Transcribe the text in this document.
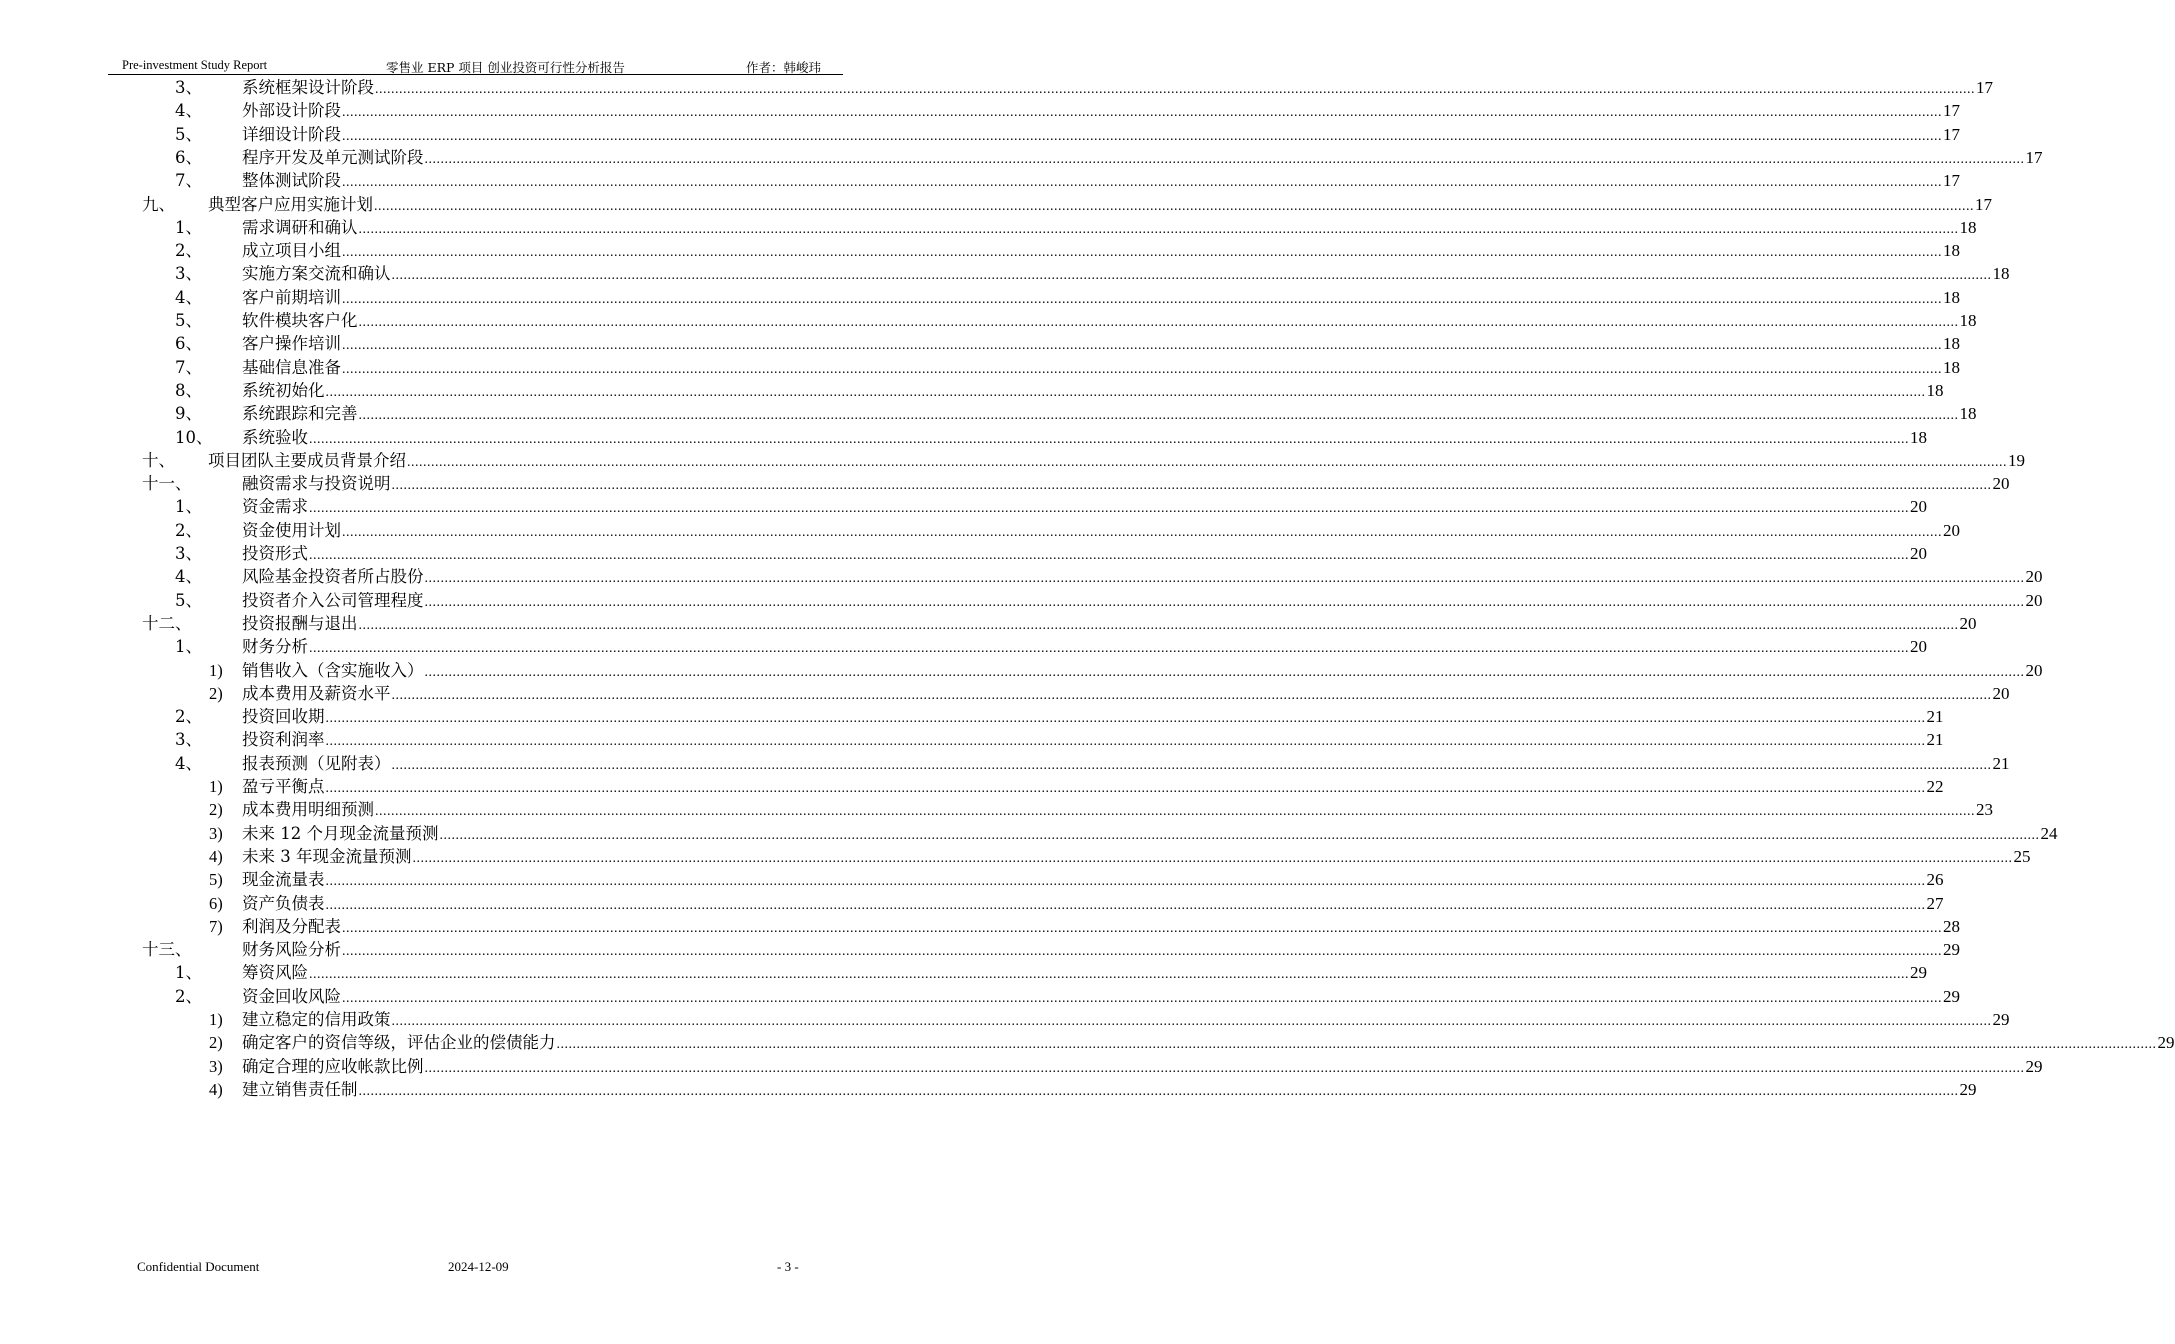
Pre-investment Study Report	零售业 ERP 项目 创业投资可行性分析报告	作者：韩峻玮
3、 系统框架设计阶段 ................................................................................................................................................................................................................................................................................................................................................................................................................ 17
4、 外部设计阶段 ................................................................................................................................................................................................................................................................................................................................................................................................................ 17
5、 详细设计阶段 ................................................................................................................................................................................................................................................................................................................................................................................................................ 17
6、 程序开发及单元测试阶段 ................................................................................................................................................................................................................................................................................................................................................................................................................ 17
7、 整体测试阶段 ................................................................................................................................................................................................................................................................................................................................................................................................................ 17
九、 典型客户应用实施计划 ................................................................................................................................................................................................................................................................................................................................................................................................................ 17
1、 需求调研和确认 ................................................................................................................................................................................................................................................................................................................................................................................................................ 18
2、 成立项目小组 ................................................................................................................................................................................................................................................................................................................................................................................................................ 18
3、 实施方案交流和确认 ................................................................................................................................................................................................................................................................................................................................................................................................................ 18
4、 客户前期培训 ................................................................................................................................................................................................................................................................................................................................................................................................................ 18
5、 软件模块客户化 ................................................................................................................................................................................................................................................................................................................................................................................................................ 18
6、 客户操作培训 ................................................................................................................................................................................................................................................................................................................................................................................................................ 18
7、 基础信息准备 ................................................................................................................................................................................................................................................................................................................................................................................................................ 18
8、 系统初始化 ................................................................................................................................................................................................................................................................................................................................................................................................................ 18
9、 系统跟踪和完善 ................................................................................................................................................................................................................................................................................................................................................................................................................ 18
10、 系统验收 ................................................................................................................................................................................................................................................................................................................................................................................................................ 18
十、 项目团队主要成员背景介绍 ................................................................................................................................................................................................................................................................................................................................................................................................................ 19
十一、	融资需求与投资说明 ................................................................................................................................................................................................................................................................................................................................................................................................................ 20
1、 资金需求 ................................................................................................................................................................................................................................................................................................................................................................................................................ 20
2、 资金使用计划 ................................................................................................................................................................................................................................................................................................................................................................................................................ 20
3、 投资形式 ................................................................................................................................................................................................................................................................................................................................................................................................................ 20
4、 风险基金投资者所占股份 ................................................................................................................................................................................................................................................................................................................................................................................................................ 20
5、 投资者介入公司管理程度 ................................................................................................................................................................................................................................................................................................................................................................................................................ 20
十二、	投资报酬与退出 ................................................................................................................................................................................................................................................................................................................................................................................................................ 20
1、 财务分析 ................................................................................................................................................................................................................................................................................................................................................................................................................ 20
1) 销售收入（含实施收入） ................................................................................................................................................................................................................................................................................................................................................................................................................ 20
2) 成本费用及薪资水平 ................................................................................................................................................................................................................................................................................................................................................................................................................ 20
2、 投资回收期 ................................................................................................................................................................................................................................................................................................................................................................................................................ 21
3、 投资利润率 ................................................................................................................................................................................................................................................................................................................................................................................................................ 21
4、 报表预测（见附表） ................................................................................................................................................................................................................................................................................................................................................................................................................ 21
1) 盈亏平衡点 ................................................................................................................................................................................................................................................................................................................................................................................................................ 22
2) 成本费用明细预测 ................................................................................................................................................................................................................................................................................................................................................................................................................ 23
3) 未来 12 个月现金流量预测 ................................................................................................................................................................................................................................................................................................................................................................................................................ 24
4) 未来 3 年现金流量预测 ................................................................................................................................................................................................................................................................................................................................................................................................................ 25
5) 现金流量表 ................................................................................................................................................................................................................................................................................................................................................................................................................ 26
6) 资产负债表 ................................................................................................................................................................................................................................................................................................................................................................................................................ 27
7) 利润及分配表 ................................................................................................................................................................................................................................................................................................................................................................................................................ 28
十三、	财务风险分析 ................................................................................................................................................................................................................................................................................................................................................................................................................ 29
1、 筹资风险 ................................................................................................................................................................................................................................................................................................................................................................................................................ 29
2、 资金回收风险 ................................................................................................................................................................................................................................................................................................................................................................................................................ 29
1) 建立稳定的信用政策 ................................................................................................................................................................................................................................................................................................................................................................................................................ 29
2) 确定客户的资信等级，评估企业的偿债能力 ................................................................................................................................................................................................................................................................................................................................................................................................................ 29
3) 确定合理的应收帐款比例 ................................................................................................................................................................................................................................................................................................................................................................................................................ 29
4) 建立销售责任制 ................................................................................................................................................................................................................................................................................................................................................................................................................ 29
Confidential Document	2024-12-09	- 3 -
